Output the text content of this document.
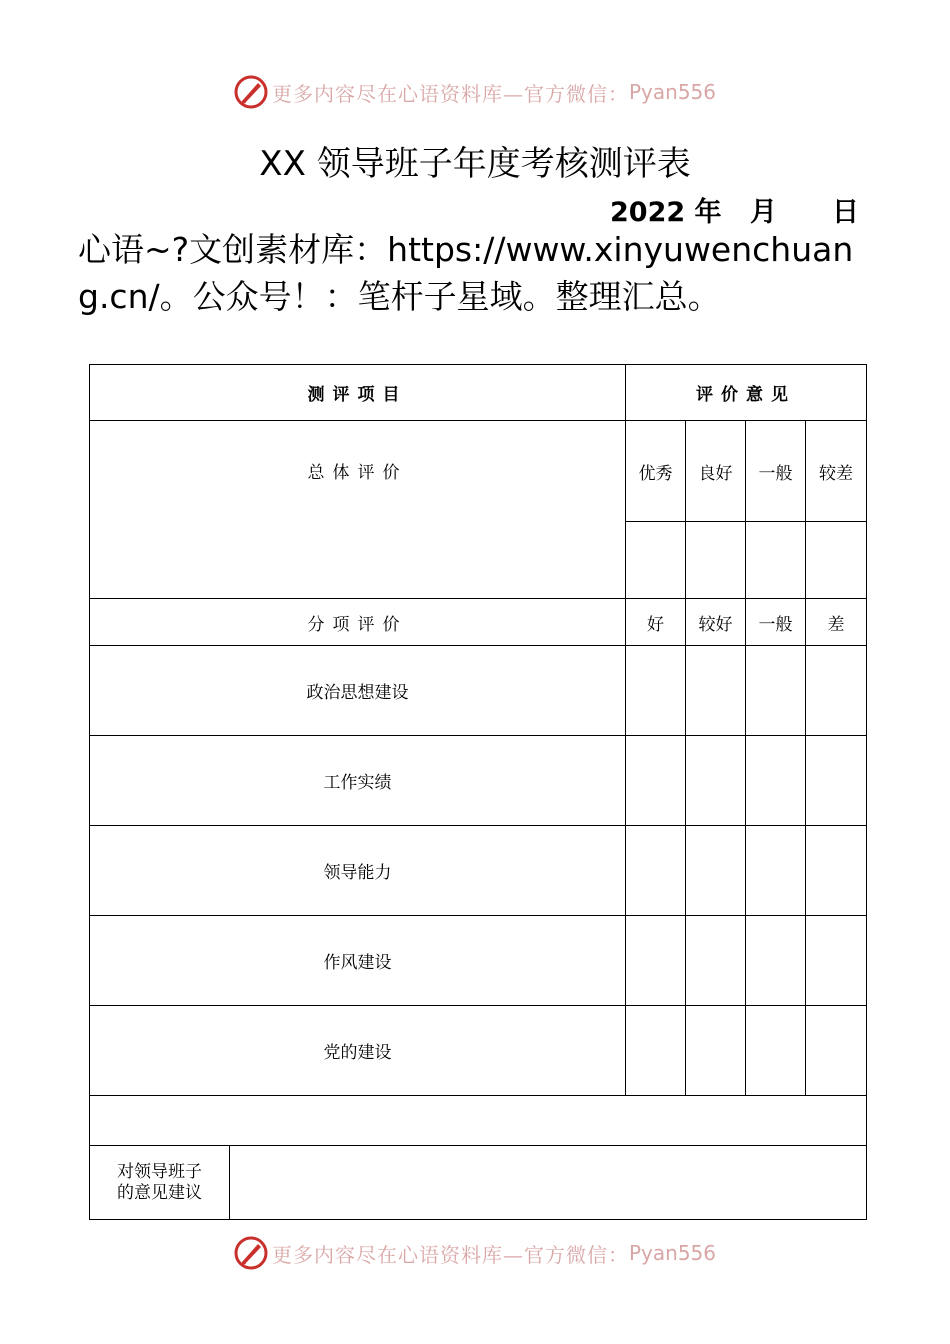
更多内容尽在心语资料库—官方微信： Pyan556
XX 领导班子年度考核测评表
2022 年 月 日
心语~?文创素材库：https://www.xinyuwenchuang.cn/。公众号！：笔杆子星域。整理汇总。
测评项目		评价意见			

总体评价		优秀	良好	一般	较差

分项评价		好	较好	一般	差
政治思想建设					
工作实绩					
领导能力					
作风建设					
党的建设					

对领导班子的意见建议					

更多内容尽在心语资料库—官方微信： Pyan556
